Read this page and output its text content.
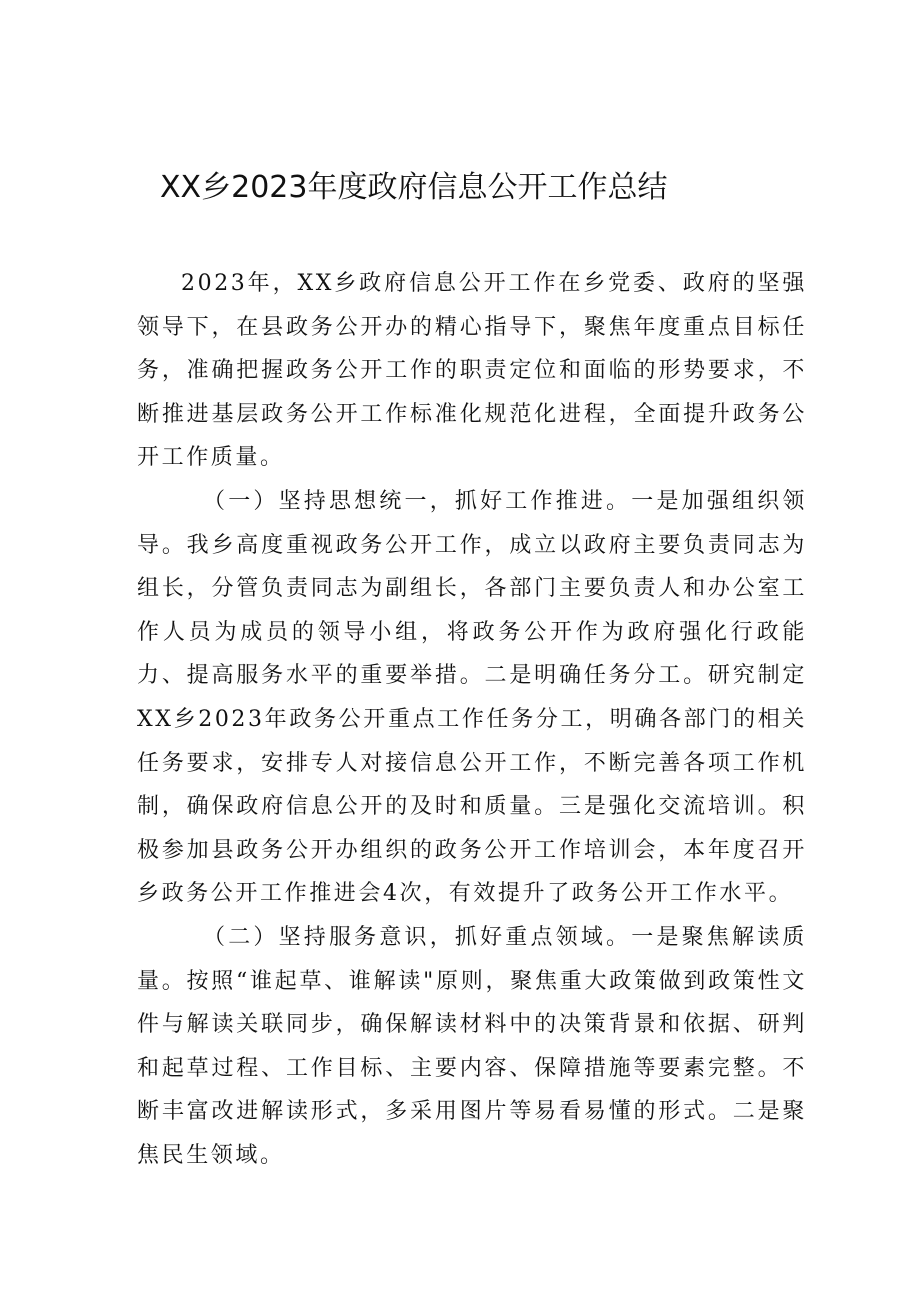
XX乡2023年度政府信息公开工作总结

2023年，XX乡政府信息公开工作在乡党委、政府的坚强领导下，在县政务公开办的精心指导下，聚焦年度重点目标任务，准确把握政务公开工作的职责定位和面临的形势要求，不断推进基层政务公开工作标准化规范化进程，全面提升政务公开工作质量。

（一）坚持思想统一，抓好工作推进。一是加强组织领导。我乡高度重视政务公开工作，成立以政府主要负责同志为组长，分管负责同志为副组长，各部门主要负责人和办公室工作人员为成员的领导小组，将政务公开作为政府强化行政能力、提高服务水平的重要举措。二是明确任务分工。研究制定XX乡2023年政务公开重点工作任务分工，明确各部门的相关任务要求，安排专人对接信息公开工作，不断完善各项工作机制，确保政府信息公开的及时和质量。三是强化交流培训。积极参加县政务公开办组织的政务公开工作培训会，本年度召开乡政务公开工作推进会4次，有效提升了政务公开工作水平。

（二）坚持服务意识，抓好重点领域。一是聚焦解读质量。按照“谁起草、谁解读"原则，聚焦重大政策做到政策性文件与解读关联同步，确保解读材料中的决策背景和依据、研判和起草过程、工作目标、主要内容、保障措施等要素完整。不断丰富改进解读形式，多采用图片等易看易懂的形式。二是聚焦民生领域。
